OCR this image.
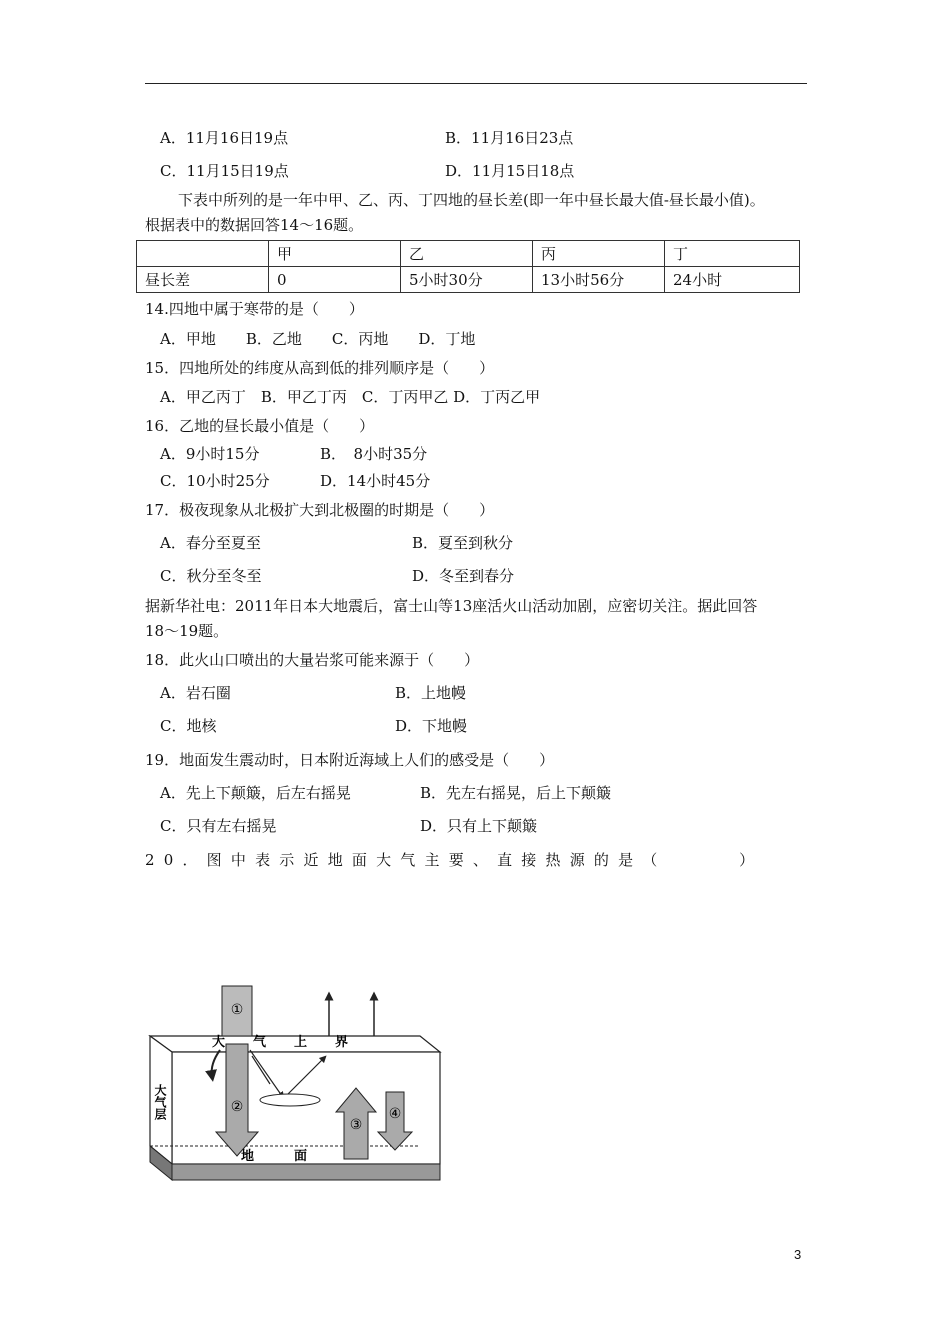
A．11月16日19点	B．11月16日23点
C．11月15日19点	D．11月15日18点
下表中所列的是一年中甲、乙、丙、丁四地的昼长差(即一年中昼长最大值-昼长最小值)。
根据表中的数据回答14～16题。
	甲	乙	丙	丁
昼长差	0	5小时30分	13小时56分	24小时
14.四地中属于寒带的是（　　）
A．甲地　　B．乙地　　C．丙地　　D．丁地
15．四地所处的纬度从高到低的排列顺序是（　　）
A．甲乙丙丁　B．甲乙丁丙　C．丁丙甲乙 D．丁丙乙甲
16．乙地的昼长最小值是（　　）
A．9小时15分	B．　8小时35分
C．10小时25分	D．14小时45分
17．极夜现象从北极扩大到北极圈的时期是（　　）
A．春分至夏至	B．夏至到秋分
C．秋分至冬至	D．冬至到春分
据新华社电：2011年日本大地震后，富士山等13座活火山活动加剧，应密切关注。据此回答
18～19题。
18．此火山口喷出的大量岩浆可能来源于（　　）
A．岩石圈	B．上地幔
C．地核	D．下地幔
19．地面发生震动时，日本附近海域上人们的感受是（　　）
A．先上下颠簸，后左右摇晃	B．先左右摇晃，后上下颠簸
C．只有左右摇晃	D．只有上下颠簸
20．图中表示近地面大气主要、直接热源的是（　　　）
①
②
③
④
大气上界
大气层
地面
3
